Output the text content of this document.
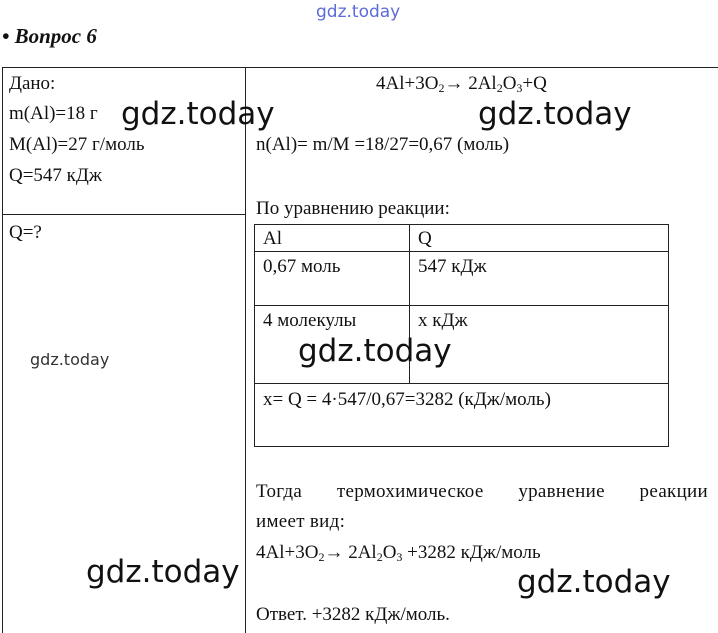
gdz.today
• Вопрос 6
Дано:
m(Al)=18 г
M(Al)=27 г/моль
Q=547 кДж
Q=?
$4Al+3O_2\to 2Al_2O_3+Q$
n(Al)= m/M =18/27=0,67 (моль)
По уравнению реакции:
Al	Q
0,67 моль	547 кДж
4 молекулы	x кДж
x= Q = 4·547/0,67=3282 (кДж/моль)
Тогда термохимическое уравнение реакции
имеет вид:
$4Al+3O_2\to 2Al_2O_3 +3282$ кДж/моль
Ответ. +3282 кДж/моль.
gdz.today	gdz.today
gdz.today
gdz.today
gdz.today	gdz.today
